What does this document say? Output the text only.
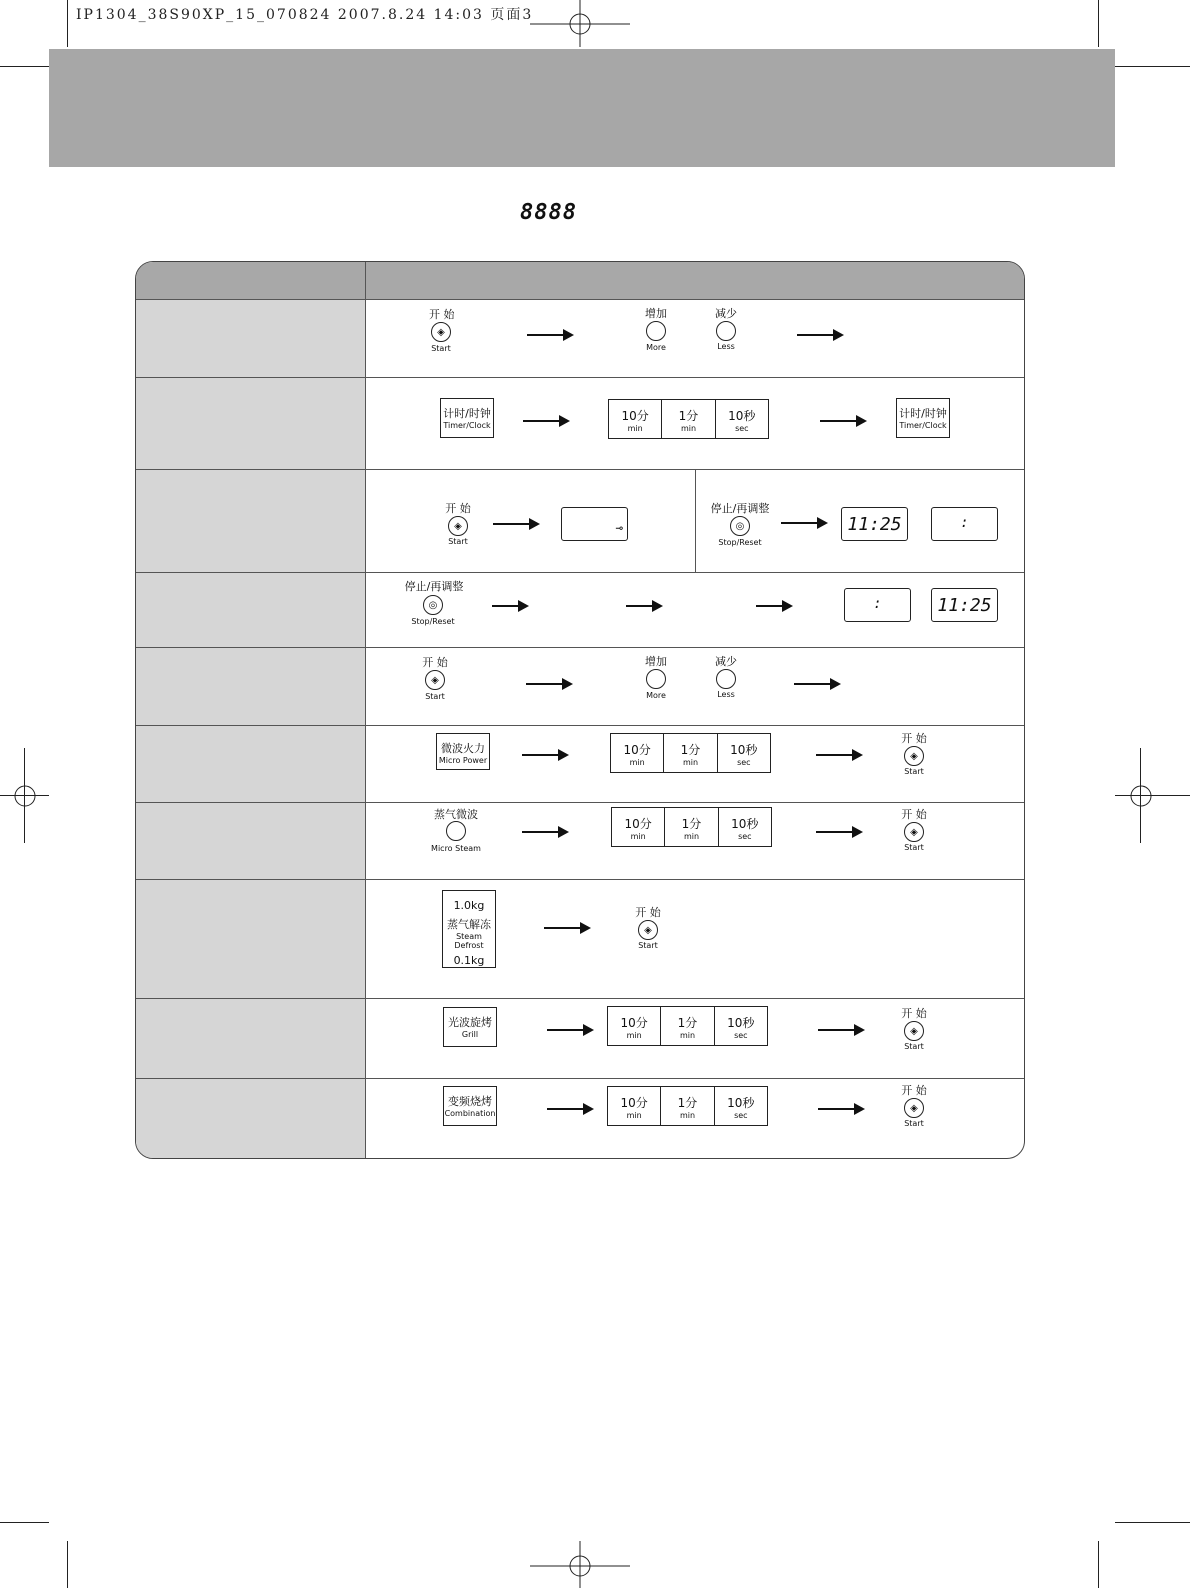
IP1304_38S90XP_15_070824 2007.8.24 14:03 页面3
8888
开 始
◈
Start
增加
More
减少
Less
计时/时钟
Timer/Clock
10分
min
1分
min
10秒
sec
计时/时钟
Timer/Clock
开 始
◈
Start
⊸
停止/再调整
◎
Stop/Reset
11:25	:
停止/再调整
◎
Stop/Reset
:	11:25
开 始
◈
Start
增加
More
减少
Less
微波火力
Micro Power
10分
min
1分
min
10秒
sec
开 始
◈
Start
蒸气微波
Micro Steam
10分
min
1分
min
10秒
sec
开 始
◈
Start
1.0kg
蒸气解冻
Steam Defrost
0.1kg
开 始
◈
Start
光波旋烤
Grill
10分
min
1分
min
10秒
sec
开 始
◈
Start
变频烧烤
Combination
10分
min
1分
min
10秒
sec
开 始
◈
Start
